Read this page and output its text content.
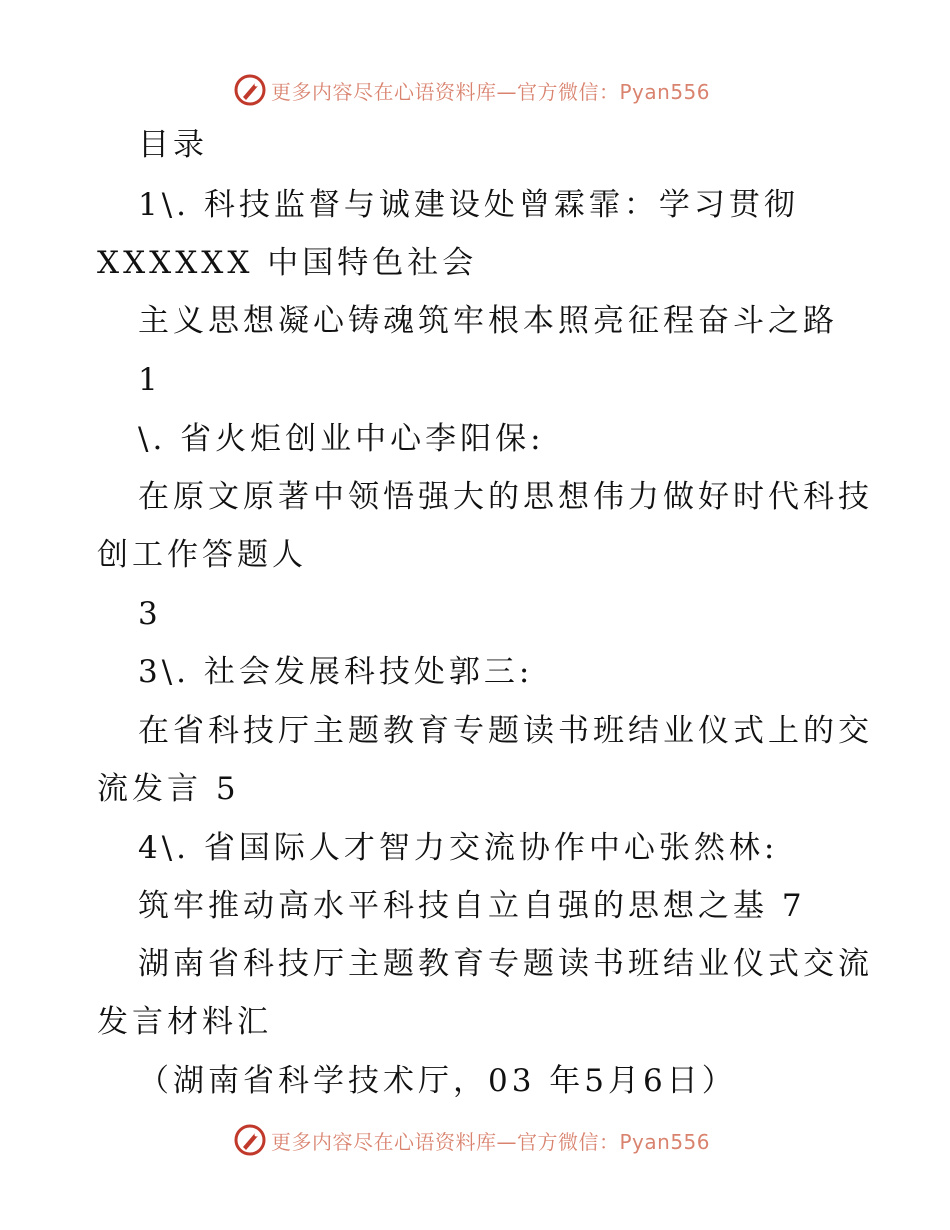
更多内容尽在心语资料库—官方微信：Pyan556
目录
1\. 科技监督与诚建设处曾霖霏：学习贯彻
XXXXXX 中国特色社会
主义思想凝心铸魂筑牢根本照亮征程奋斗之路
1
\. 省火炬创业中心李阳保:
在原文原著中领悟强大的思想伟力做好时代科技
创工作答题人
3
3\. 社会发展科技处郭三:
在省科技厅主题教育专题读书班结业仪式上的交
流发言 5
4\. 省国际人才智力交流协作中心张然林:
筑牢推动高水平科技自立自强的思想之基 7
湖南省科技厅主题教育专题读书班结业仪式交流
发言材料汇
（湖南省科学技术厅，03 年5月6日）
更多内容尽在心语资料库—官方微信：Pyan556
